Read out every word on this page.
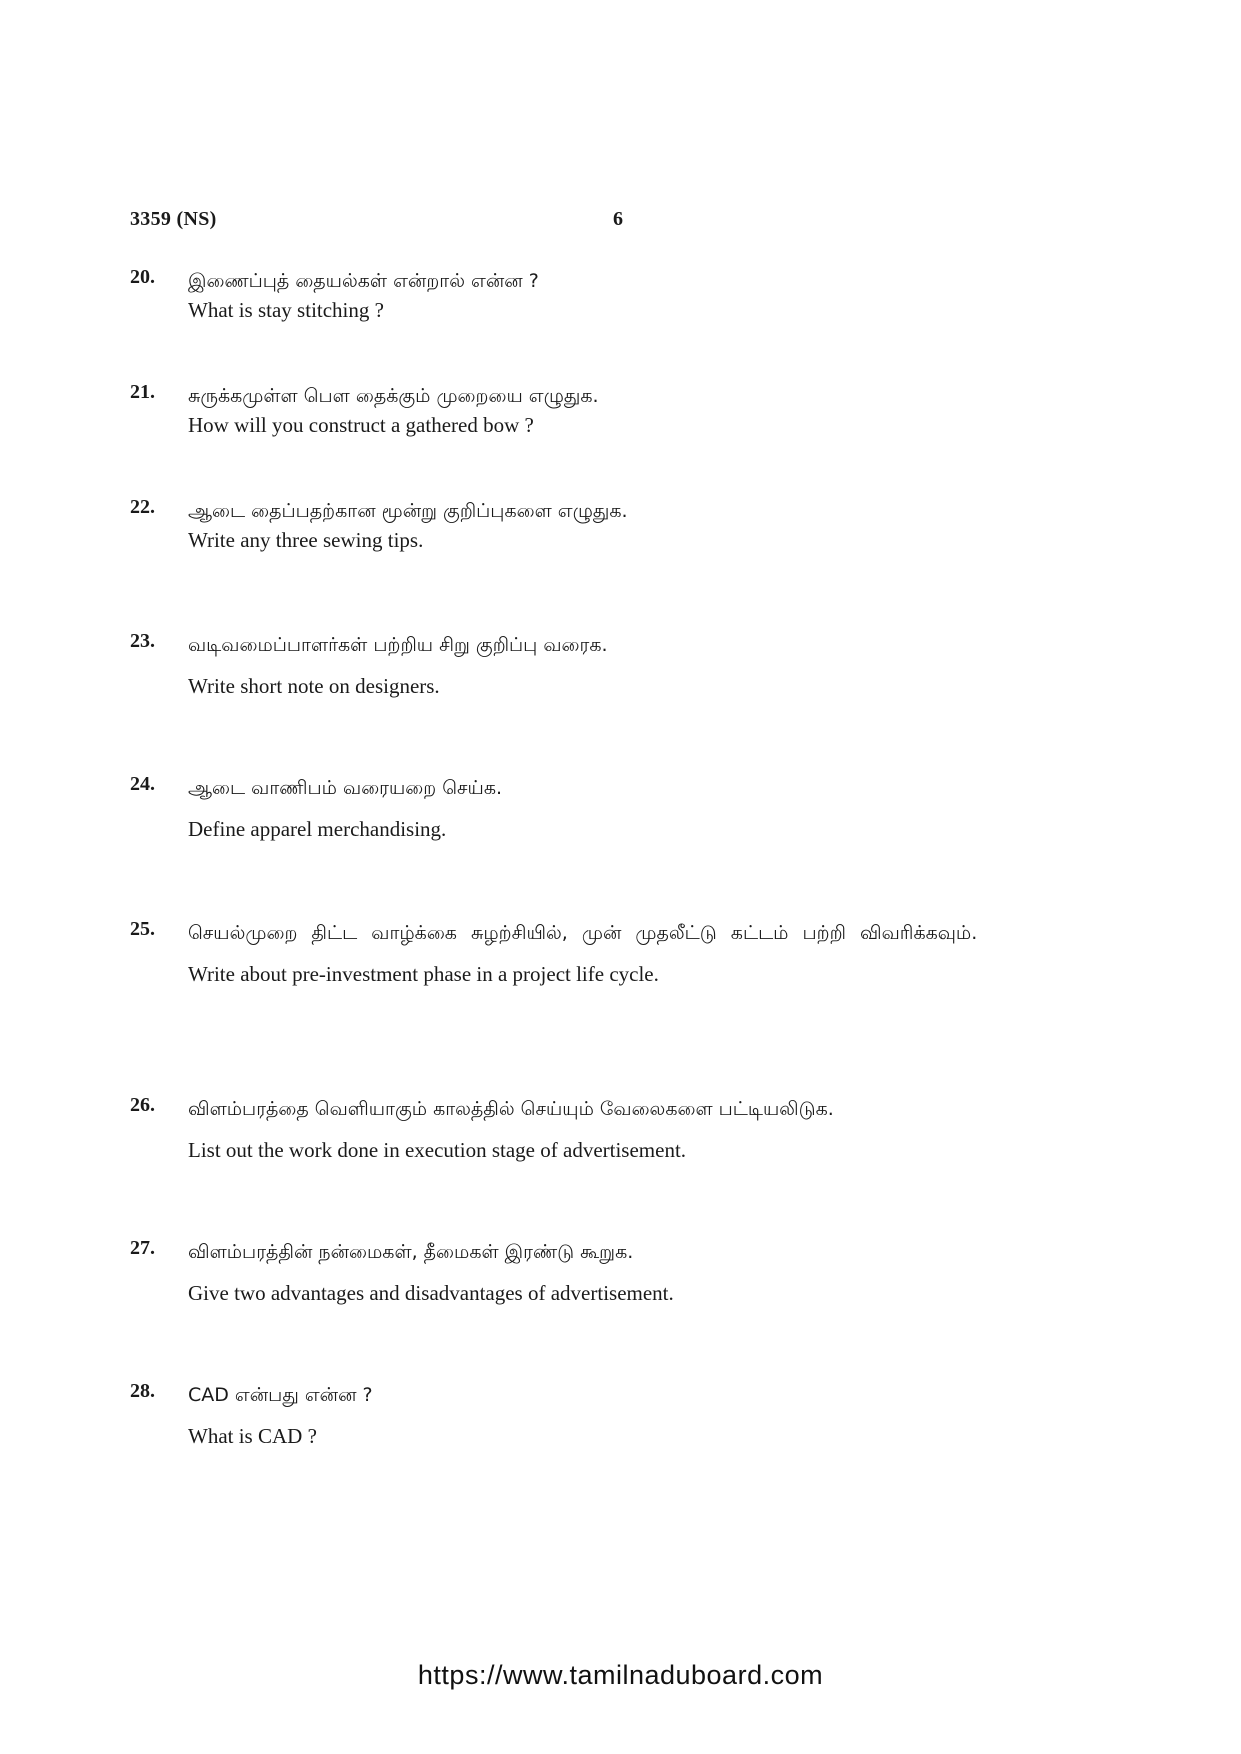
3359 (NS)	6
20. இணைப்புத் தையல்கள் என்றால் என்ன ?

What is stay stitching ?

21. சுருக்கமுள்ள பௌ தைக்கும் முறையை எழுதுக.

How will you construct a gathered bow ?

22. ஆடை தைப்பதற்கான மூன்று குறிப்புகளை எழுதுக.

Write any three sewing tips.

23. வடிவமைப்பாளர்கள் பற்றிய சிறு குறிப்பு வரைக.

Write short note on designers.

24. ஆடை வாணிபம் வரையறை செய்க.

Define apparel merchandising.

25. செயல்முறை திட்ட வாழ்க்கை சுழற்சியில், முன் முதலீட்டு கட்டம் பற்றி விவரிக்கவும்.

Write about pre-investment phase in a project life cycle.

26. விளம்பரத்தை வெளியாகும் காலத்தில் செய்யும் வேலைகளை பட்டியலிடுக.

List out the work done in execution stage of advertisement.

27. விளம்பரத்தின் நன்மைகள், தீமைகள் இரண்டு கூறுக.

Give two advantages and disadvantages of advertisement.

28. CAD என்பது என்ன ?

What is CAD ?

https://www.tamilnaduboard.com
